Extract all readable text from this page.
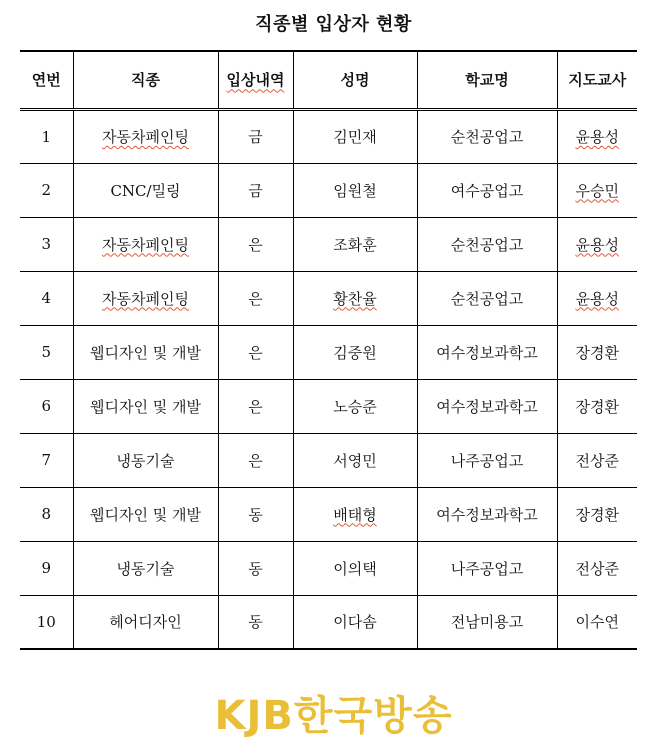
직종별 입상자 현황
연번	직종	입상내역	성명	학교명	지도교사
1	자동차페인팅	금	김민재	순천공업고	윤용성
2	CNC/밀링	금	임원철	여수공업고	우승민
3	자동차페인팅	은	조화훈	순천공업고	윤용성
4	자동차페인팅	은	황찬율	순천공업고	윤용성
5	웹디자인 및 개발	은	김중원	여수정보과학고	장경환
6	웹디자인 및 개발	은	노승준	여수정보과학고	장경환
7	냉동기술	은	서영민	나주공업고	전상준
8	웹디자인 및 개발	동	배태형	여수정보과학고	장경환
9	냉동기술	동	이의택	나주공업고	전상준
10	헤어디자인	동	이다솜	전남미용고	이수연
KJB한국방송
